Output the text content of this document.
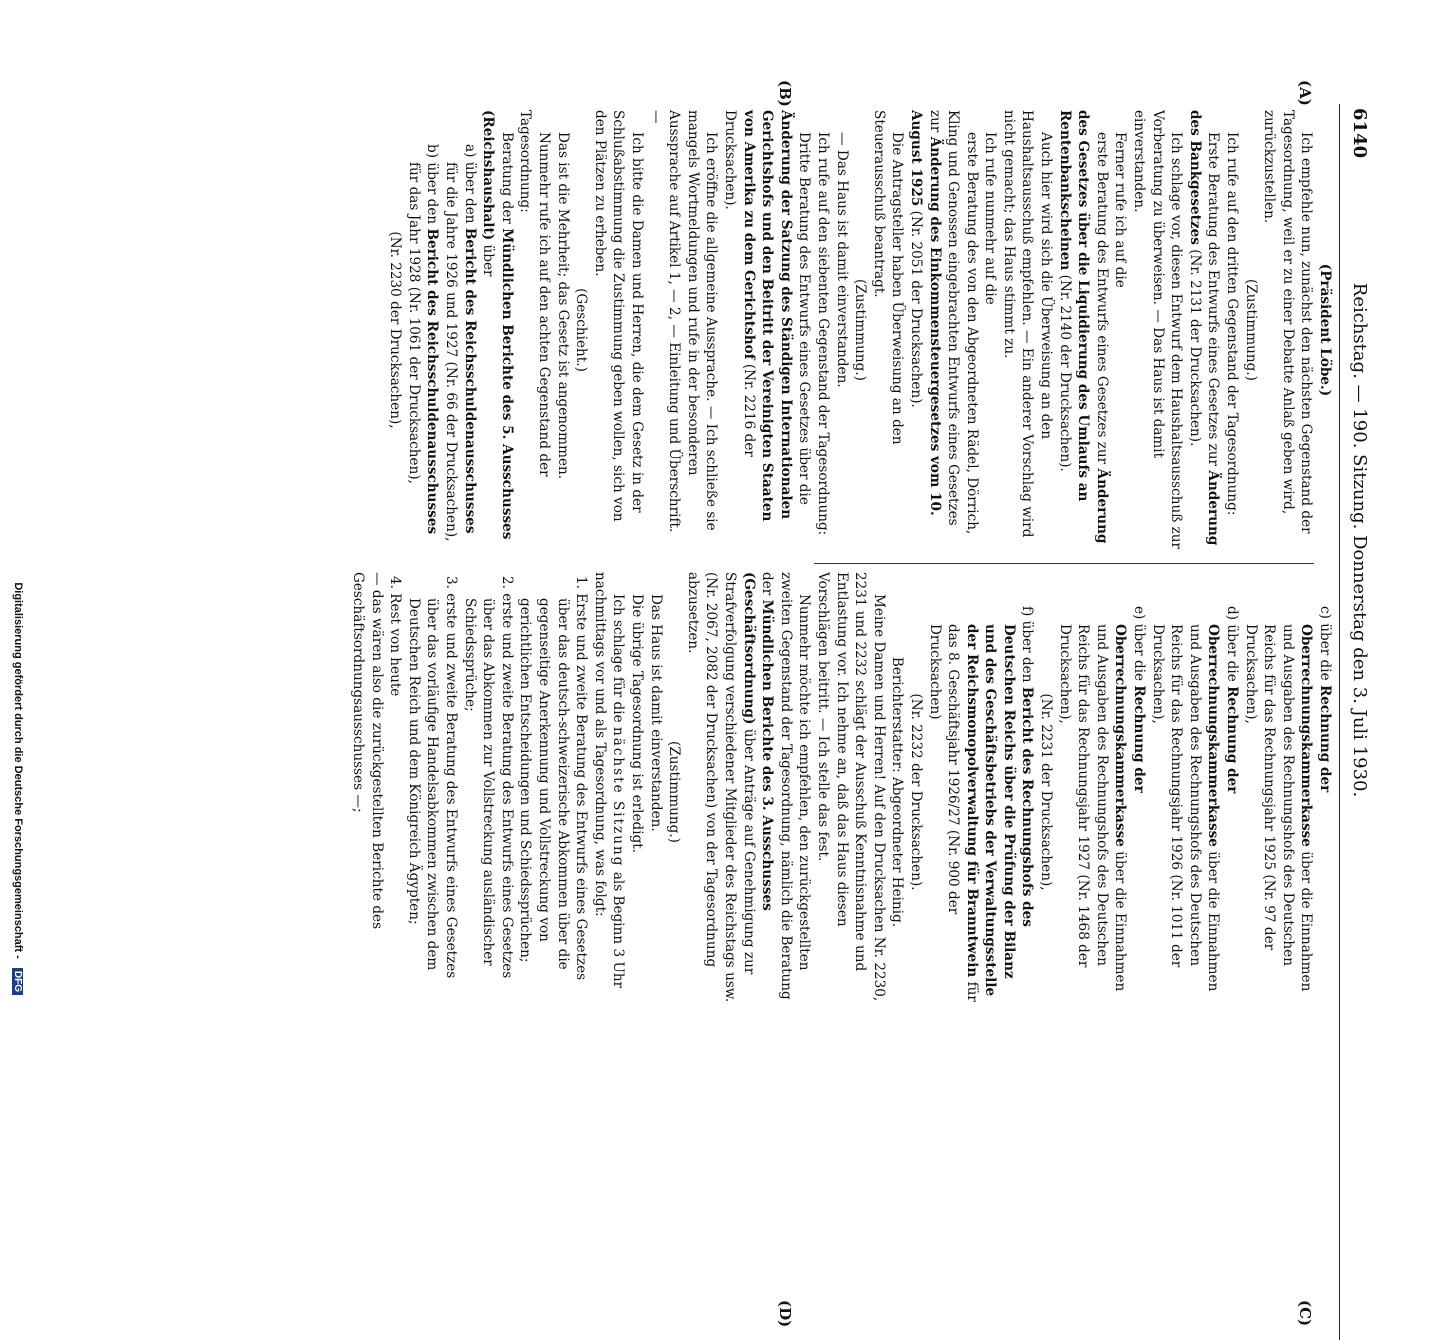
6140
Reichstag. — 190. Sitzung. Donnerstag den 3. Juli 1930.
(A)
(B)
(C)
(D)

(Präsident Löbe.)

Ich empfehle nun, zunächst den nächsten Gegenstand der Tagesordnung, weil er zu einer Debatte Anlaß geben wird, zurückzustellen.

(Zustimmung.)

Ich rufe auf den dritten Gegenstand der Tagesordnung:

Erste Beratung des Entwurfs eines Gesetzes zur Änderung des Bankgesetzes (Nr. 2131 der Drucksachen).

Ich schlage vor, diesen Entwurf dem Haushaltsausschuß zur Vorberatung zu überweisen. — Das Haus ist damit einverstanden.

Ferner rufe ich auf die

erste Beratung des Entwurfs eines Gesetzes zur Änderung des Gesetzes über die Liquidierung des Umlaufs an Rentenbankscheinen (Nr. 2140 der Drucksachen).

Auch hier wird sich die Überweisung an den Haushaltsausschuß empfehlen. — Ein anderer Vorschlag wird nicht gemacht; das Haus stimmt zu.

Ich rufe nunmehr auf die

erste Beratung des von den Abgeordneten Rädel, Dörrich, Kling und Genossen eingebrachten Entwurfs eines Gesetzes zur Änderung des Einkommensteuergesetzes vom 10. August 1925 (Nr. 2051 der Drucksachen).

Die Antragsteller haben Überweisung an den Steuerausschuß beantragt.

(Zustimmung.)

— Das Haus ist damit einverstanden.

Ich rufe auf den siebenten Gegenstand der Tagesordnung:

Dritte Beratung des Entwurfs eines Gesetzes über die Änderung der Satzung des Ständigen Internationalen Gerichtshofs und den Beitritt der Vereinigten Staaten von Amerika zu dem Gerichtshof (Nr. 2216 der Drucksachen).

Ich eröffne die allgemeine Aussprache. — Ich schließe sie mangels Wortmeldungen und rufe in der besonderen Aussprache auf Artikel 1, — 2, — Einleitung und Überschrift. —

Ich bitte die Damen und Herren, die dem Gesetz in der Schlußabstimmung die Zustimmung geben wollen, sich von den Plätzen zu erheben.

(Geschieht.)

Das ist die Mehrheit; das Gesetz ist angenommen.

Nunmehr rufe ich auf den achten Gegenstand der Tagesordnung:

Beratung der Mündlichen Berichte des 5. Ausschusses (Reichshaushalt) über

a) über den Bericht des Reichsschuldenausschusses für die Jahre 1926 und 1927 (Nr. 66 der Drucksachen),

b) über den Bericht des Reichsschuldenausschusses für das Jahr 1928 (Nr. 1061 der Drucksachen),

(Nr. 2230 der Drucksachen),

c) über die Rechnung der Oberrechnungskammerkasse über die Einnahmen und Ausgaben des Rechnungshofs des Deutschen Reichs für das Rechnungsjahr 1925 (Nr. 97 der Drucksachen),

d) über die Rechnung der Oberrechnungskammerkasse über die Einnahmen und Ausgaben des Rechnungshofs des Deutschen Reichs für das Rechnungsjahr 1926 (Nr. 1011 der Drucksachen),

e) über die Rechnung der Oberrechnungskammerkasse über die Einnahmen und Ausgaben des Rechnungshofs des Deutschen Reichs für das Rechnungsjahr 1927 (Nr. 1468 der Drucksachen),

(Nr. 2231 der Drucksachen),

f) über den Bericht des Rechnungshofs des Deutschen Reichs über die Prüfung der Bilanz und des Geschäftsbetriebs der Verwaltungsstelle der Reichsmonopolverwaltung für Branntwein für das 8. Geschäftsjahr 1926/27 (Nr. 900 der Drucksachen)

(Nr. 2232 der Drucksachen).

Berichterstatter: Abgeordneter Heinig.

Meine Damen und Herren! Auf den Drucksachen Nr. 2230, 2231 und 2232 schlägt der Ausschuß Kenntnisnahme und Entlastung vor. Ich nehme an, daß das Haus diesen Vorschlägen beitritt. — Ich stelle das fest.

Nunmehr möchte ich empfehlen, den zurückgestellten zweiten Gegenstand der Tagesordnung, nämlich die Beratung der Mündlichen Berichte des 3. Ausschusses (Geschäftsordnung) über Anträge auf Genehmigung zur Strafverfolgung verschiedener Mitglieder des Reichstags usw. (Nr. 2067, 2082 der Drucksachen) von der Tagesordnung abzusetzen.

(Zustimmung.)

Das Haus ist damit einverstanden.

Die übrige Tagesordnung ist erledigt.

Ich schlage für die nächste Sitzung als Beginn 3 Uhr nachmittags vor und als Tagesordnung, was folgt:

1. Erste und zweite Beratung des Entwurfs eines Gesetzes über das deutsch-schweizerische Abkommen über die gegenseitige Anerkennung und Vollstreckung von gerichtlichen Entscheidungen und Schiedssprüchen;

2. erste und zweite Beratung des Entwurfs eines Gesetzes über das Abkommen zur Vollstreckung ausländischer Schiedssprüche;

3. erste und zweite Beratung des Entwurfs eines Gesetzes über das vorläufige Handelsabkommen zwischen dem Deutschen Reich und dem Königreich Ägypten;

4. Rest von heute

— das wären also die zurückgestellten Berichte des Geschäftsordnungsausschusses —;

Digitalisierung gefördert durch die Deutsche Forschungsgemeinschaft - DFG
